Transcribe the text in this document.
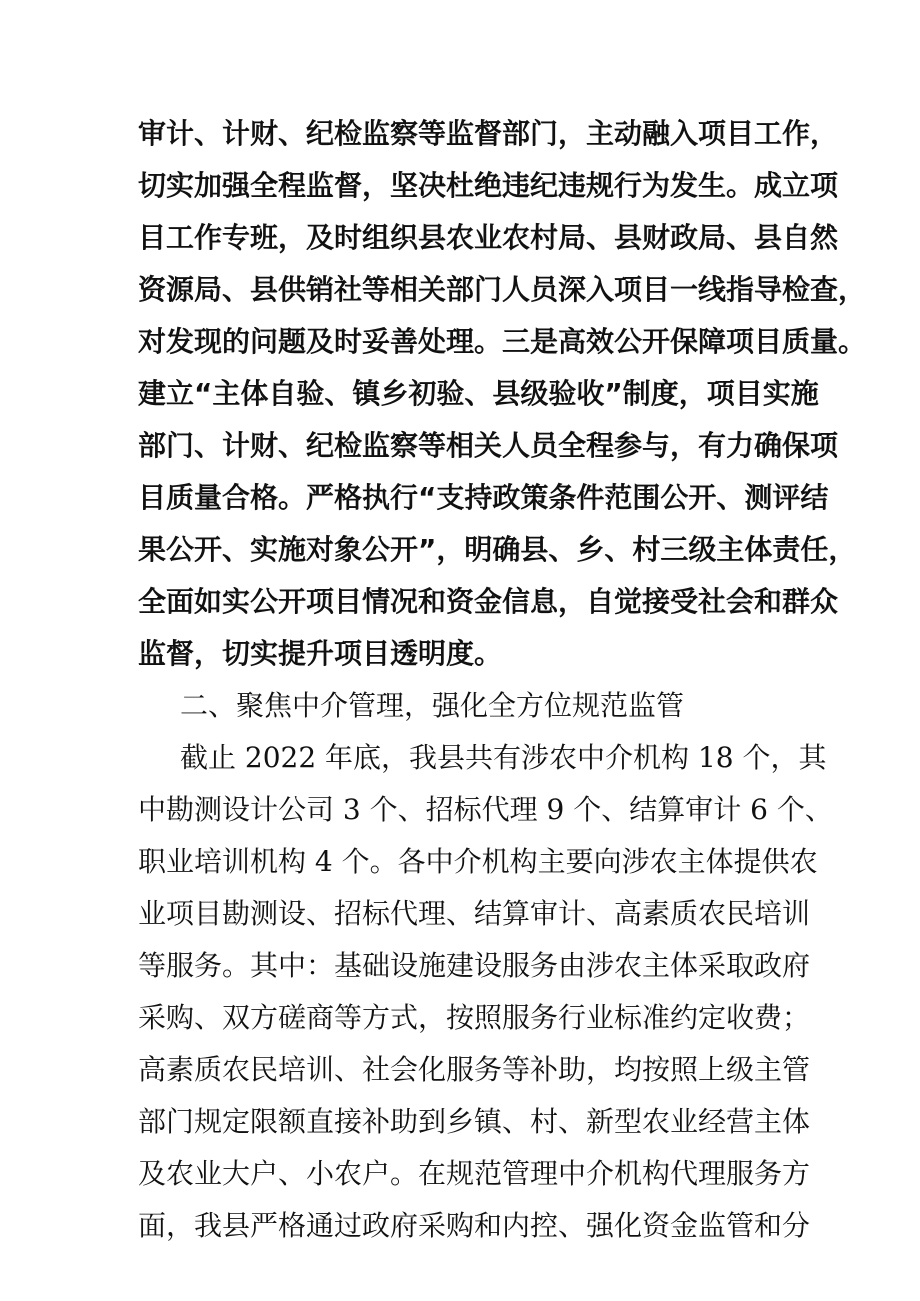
审计、计财、纪检监察等监督部门，主动融入项目工作，
切实加强全程监督，坚决杜绝违纪违规行为发生。成立项
目工作专班，及时组织县农业农村局、县财政局、县自然
资源局、县供销社等相关部门人员深入项目一线指导检查，
对发现的问题及时妥善处理。三是高效公开保障项目质量。
建立“主体自验、镇乡初验、县级验收”制度，项目实施
部门、计财、纪检监察等相关人员全程参与，有力确保项
目质量合格。严格执行“支持政策条件范围公开、测评结
果公开、实施对象公开”，明确县、乡、村三级主体责任，
全面如实公开项目情况和资金信息，自觉接受社会和群众
监督，切实提升项目透明度。
二、聚焦中介管理，强化全方位规范监管
截止 2022 年底，我县共有涉农中介机构 18 个，其
中勘测设计公司 3 个、招标代理 9 个、结算审计 6 个、
职业培训机构 4 个。各中介机构主要向涉农主体提供农
业项目勘测设、招标代理、结算审计、高素质农民培训
等服务。其中：基础设施建设服务由涉农主体采取政府
采购、双方磋商等方式，按照服务行业标准约定收费；
高素质农民培训、社会化服务等补助，均按照上级主管
部门规定限额直接补助到乡镇、村、新型农业经营主体
及农业大户、小农户。在规范管理中介机构代理服务方
面，我县严格通过政府采购和内控、强化资金监管和分
